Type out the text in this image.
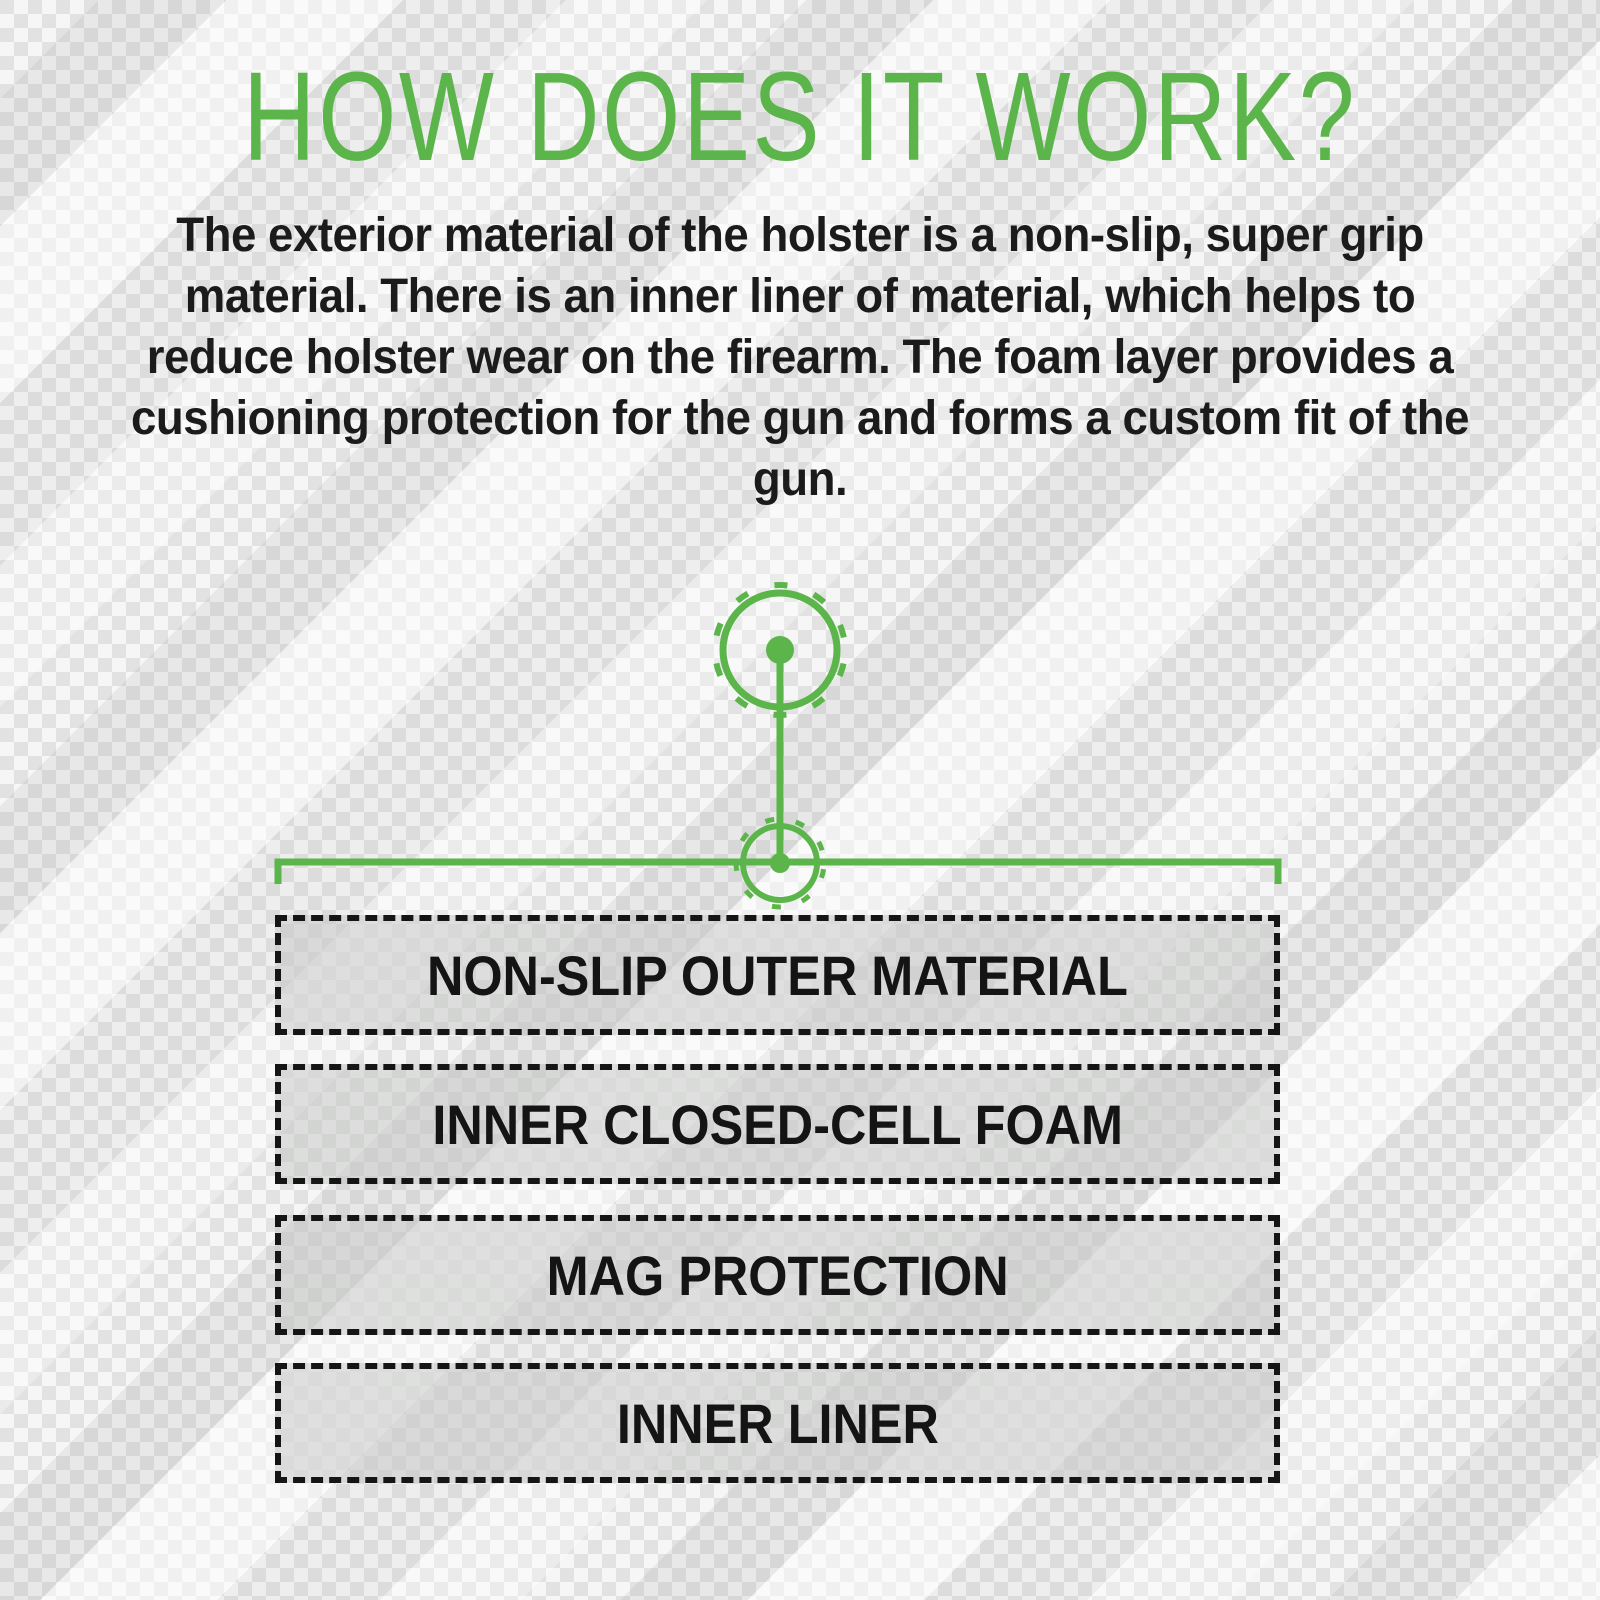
HOW DOES IT WORK?
The exterior material of the holster is a non-slip, super grip material. There is an inner liner of material, which helps to reduce holster wear on the firearm. The foam layer provides a cushioning protection for the gun and forms a custom fit of the gun.
NON-SLIP OUTER MATERIAL
INNER CLOSED-CELL FOAM
MAG PROTECTION
INNER LINER
